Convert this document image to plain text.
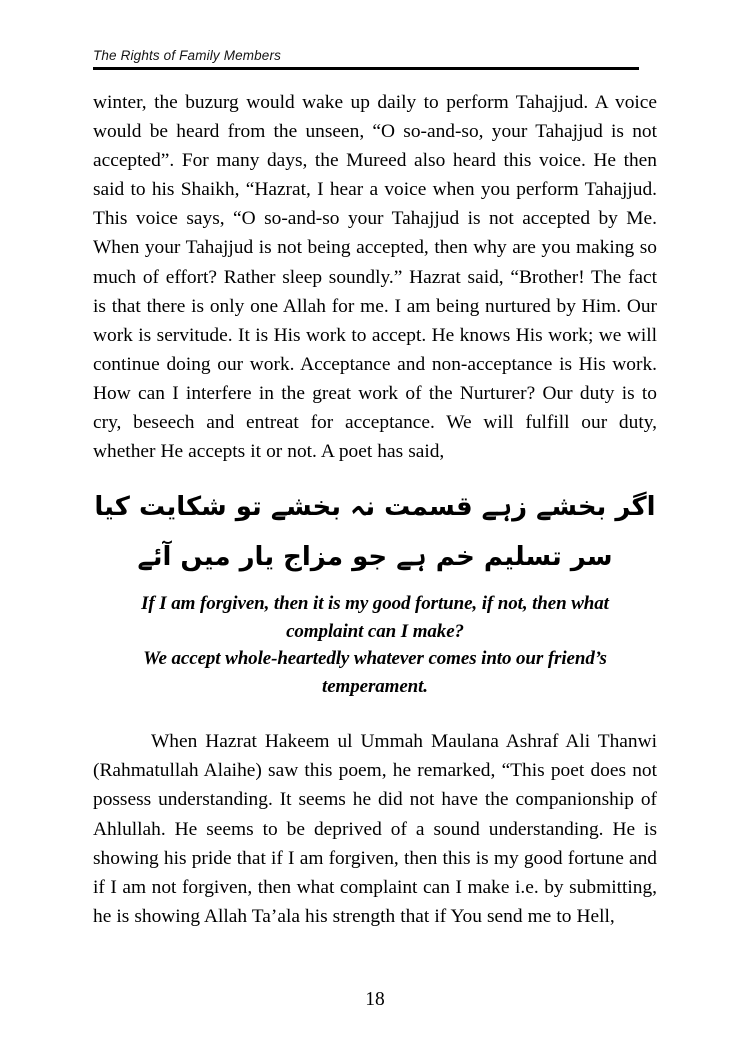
The Rights of Family Members

winter, the buzurg would wake up daily to perform Tahajjud. A voice would be heard from the unseen, “O so-and-so, your Tahajjud is not accepted”. For many days, the Mureed also heard this voice. He then said to his Shaikh, “Hazrat, I hear a voice when you perform Tahajjud. This voice says, “O so-and-so your Tahajjud is not accepted by Me. When your Tahajjud is not being accepted, then why are you making so much of effort? Rather sleep soundly.” Hazrat said, “Brother! The fact is that there is only one Allah for me. I am being nurtured by Him. Our work is servitude. It is His work to accept. He knows His work; we will continue doing our work. Acceptance and non-acceptance is His work. How can I interfere in the great work of the Nurturer? Our duty is to cry, beseech and entreat for acceptance. We will fulfill our duty, whether He accepts it or not. A poet has said,

اگر بخشے زہے قسمت نہ بخشے تو شکایت کیا
سر تسلیم خم ہے جو مزاج یار میں آئے
If I am forgiven, then it is my good fortune, if not, then what
complaint can I make?
We accept whole-heartedly whatever comes into our friend’s
temperament.

When Hazrat Hakeem ul Ummah Maulana Ashraf Ali Thanwi (Rahmatullah Alaihe) saw this poem, he remarked, “This poet does not possess understanding. It seems he did not have the companionship of Ahlullah. He seems to be deprived of a sound understanding. He is showing his pride that if I am forgiven, then this is my good fortune and if I am not forgiven, then what complaint can I make i.e. by submitting, he is showing Allah Ta’ala his strength that if You send me to Hell,

18
